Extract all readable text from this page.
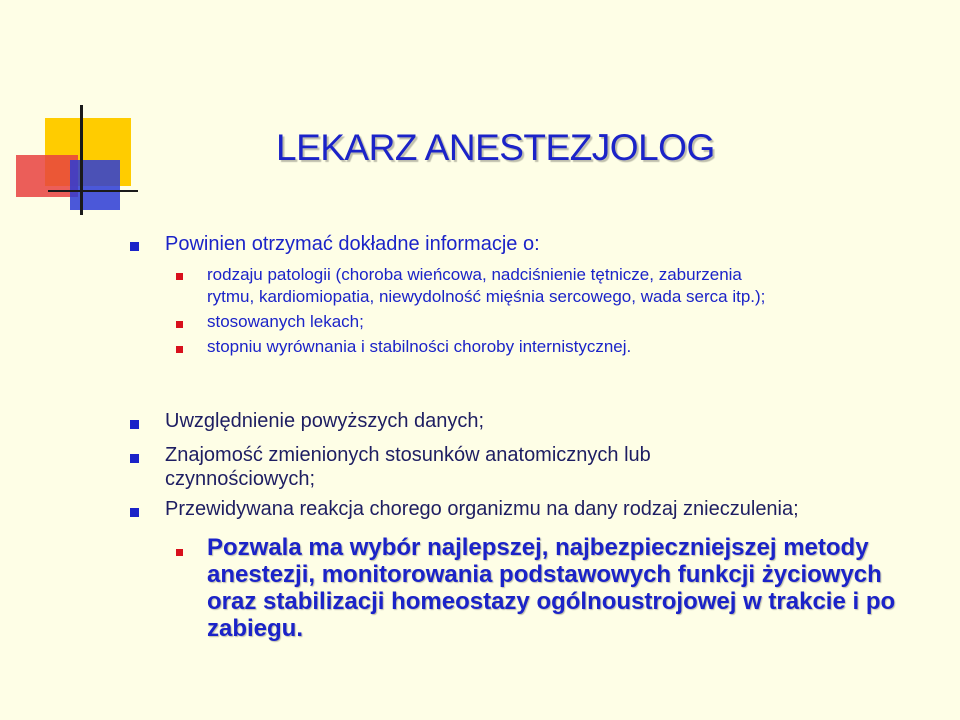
LEKARZ ANESTEZJOLOG
Powinien otrzymać dokładne informacje o:
rodzaju patologii (choroba wieńcowa, nadciśnienie tętnicze, zaburzenia
rytmu, kardiomiopatia, niewydolność mięśnia sercowego, wada serca itp.);
stosowanych lekach;
stopniu wyrównania i stabilności choroby internistycznej.
Uwzględnienie powyższych danych;
Znajomość zmienionych stosunków anatomicznych lub
czynnościowych;
Przewidywana reakcja chorego organizmu na dany rodzaj znieczulenia;
Pozwala ma wybór najlepszej, najbezpieczniejszej metody
anestezji, monitorowania podstawowych funkcji życiowych
oraz stabilizacji homeostazy ogólnoustrojowej w trakcie i po
zabiegu.
